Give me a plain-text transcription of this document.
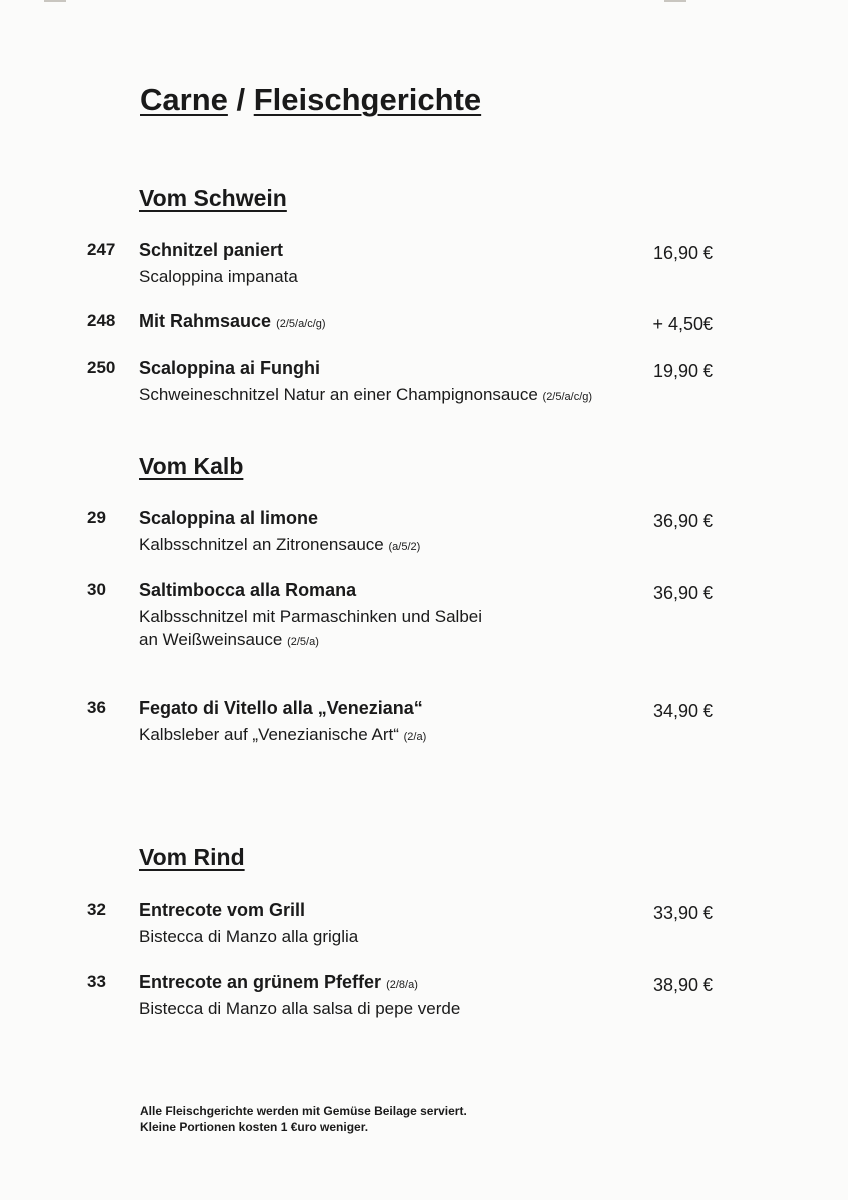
Carne / Fleischgerichte
Vom Schwein
247 Schnitzel paniert
Scaloppina impanata
16,90 €
248 Mit Rahmsauce (2/5/a/c/g)	+ 4,50€
250 Scaloppina ai Funghi
Schweineschnitzel Natur an einer Champignonsauce (2/5/a/c/g)
19,90 €
Vom Kalb
29 Scaloppina al limone
Kalbsschnitzel an Zitronensauce (a/5/2)
36,90 €
30 Saltimbocca alla Romana
Kalbsschnitzel mit Parmaschinken und Salbei
an Weißweinsauce (2/5/a)
36,90 €
36 Fegato di Vitello alla „Veneziana“
Kalbsleber auf „Venezianische Art“ (2/a)
34,90 €
Vom Rind
32 Entrecote vom Grill
Bistecca di Manzo alla griglia
33,90 €
33 Entrecote an grünem Pfeffer (2/8/a)
Bistecca di Manzo alla salsa di pepe verde
38,90 €
Alle Fleischgerichte werden mit Gemüse Beilage serviert.
Kleine Portionen kosten 1 €uro weniger.
